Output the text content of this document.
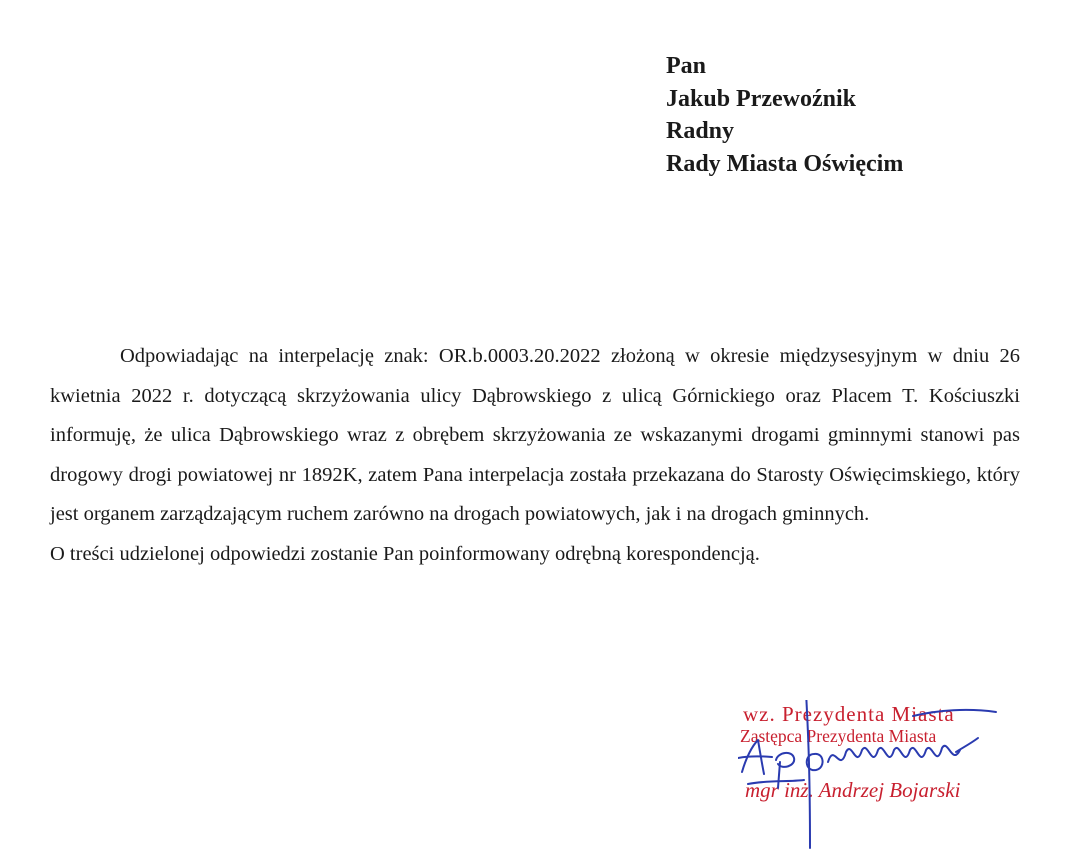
Pan
Jakub Przewoźnik
Radny
Rady Miasta Oświęcim

Odpowiadając na interpelację znak: OR.b.0003.20.2022 złożoną w okresie międzysesyjnym w dniu 26 kwietnia 2022 r. dotyczącą skrzyżowania ulicy Dąbrowskiego z ulicą Górnickiego oraz Placem T. Kościuszki informuję, że ulica Dąbrowskiego wraz z obrębem skrzyżowania ze wskazanymi drogami gminnymi stanowi pas drogowy drogi powiatowej nr 1892K, zatem Pana interpelacja została przekazana do Starosty Oświęcimskiego, który jest organem zarządzającym ruchem zarówno na drogach powiatowych, jak i na drogach gminnych.

O treści udzielonej odpowiedzi zostanie Pan poinformowany odrębną korespondencją.

wz. Prezydenta Miasta
Zastępca Prezydenta Miasta
mgr inż. Andrzej Bojarski
